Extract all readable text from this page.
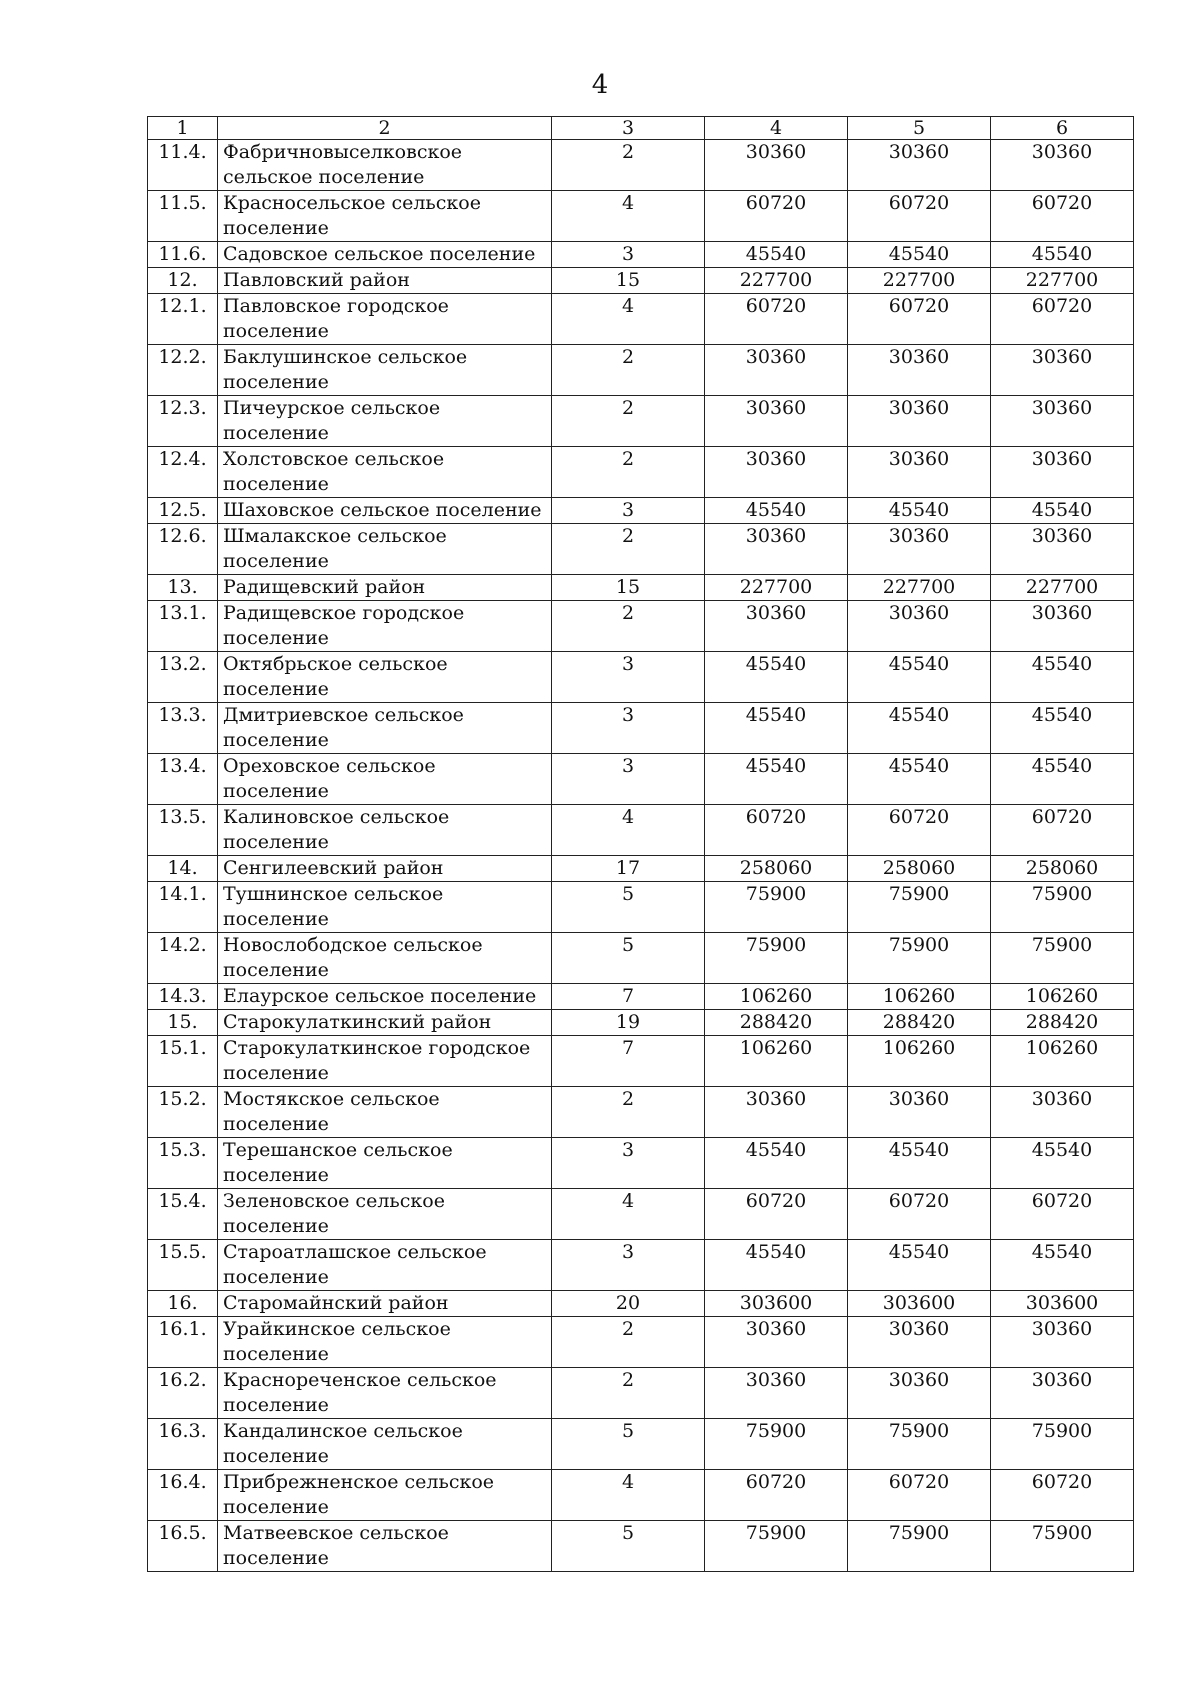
4
1	2	3	4	5	6
11.4.	Фабричновыселковское сельское поселение	2	30360	30360	30360
11.5.	Красносельское сельское поселение	4	60720	60720	60720
11.6.	Садовское сельское поселение	3	45540	45540	45540
12.	Павловский район	15	227700	227700	227700
12.1.	Павловское городское поселение	4	60720	60720	60720
12.2.	Баклушинское сельское поселение	2	30360	30360	30360
12.3.	Пичеурское сельское поселение	2	30360	30360	30360
12.4.	Холстовское сельское поселение	2	30360	30360	30360
12.5.	Шаховское сельское поселение	3	45540	45540	45540
12.6.	Шмалакское сельское поселение	2	30360	30360	30360
13.	Радищевский район	15	227700	227700	227700
13.1.	Радищевское городское поселение	2	30360	30360	30360
13.2.	Октябрьское сельское поселение	3	45540	45540	45540
13.3.	Дмитриевское сельское поселение	3	45540	45540	45540
13.4.	Ореховское сельское поселение	3	45540	45540	45540
13.5.	Калиновское сельское поселение	4	60720	60720	60720
14.	Сенгилеевский район	17	258060	258060	258060
14.1.	Тушнинское сельское поселение	5	75900	75900	75900
14.2.	Новослободское сельское поселение	5	75900	75900	75900
14.3.	Елаурское сельское поселение	7	106260	106260	106260
15.	Старокулаткинский район	19	288420	288420	288420
15.1.	Старокулаткинское городское поселение	7	106260	106260	106260
15.2.	Мостякское сельское поселение	2	30360	30360	30360
15.3.	Терешанское сельское поселение	3	45540	45540	45540
15.4.	Зеленовское сельское поселение	4	60720	60720	60720
15.5.	Староатлашское сельское поселение	3	45540	45540	45540
16.	Старомайнский район	20	303600	303600	303600
16.1.	Урайкинское сельское поселение	2	30360	30360	30360
16.2.	Краснореченское сельское поселение	2	30360	30360	30360
16.3.	Кандалинское сельское поселение	5	75900	75900	75900
16.4.	Прибрежненское сельское поселение	4	60720	60720	60720
16.5.	Матвеевское сельское поселение	5	75900	75900	75900
